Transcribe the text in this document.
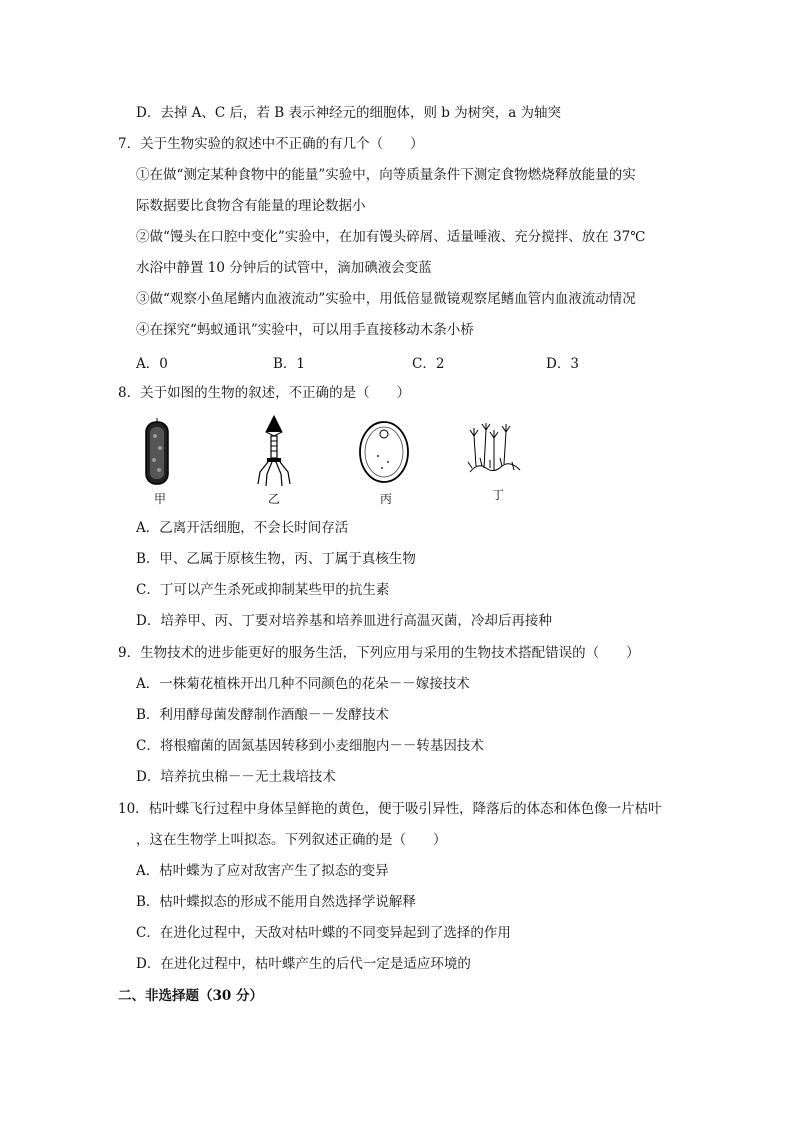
D．去掉 A、C 后，若 B 表示神经元的细胞体，则 b 为树突，a 为轴突
7．关于生物实验的叙述中不正确的有几个（　　）
①在做“测定某种食物中的能量”实验中，向等质量条件下测定食物燃烧释放能量的实
际数据要比食物含有能量的理论数据小
②做“馒头在口腔中变化”实验中，在加有馒头碎屑、适量唾液、充分搅拌、放在 37℃
水浴中静置 10 分钟后的试管中，滴加碘液会变蓝
③做“观察小鱼尾鳍内血液流动”实验中，用低倍显微镜观察尾鳍血管内血液流动情况
④在探究“蚂蚁通讯”实验中，可以用手直接移动木条小桥
A．0	B．1	C．2	D．3
8．关于如图的生物的叙述，不正确的是（　　）
甲	乙	丙	丁
A．乙离开活细胞，不会长时间存活
B．甲、乙属于原核生物，丙、丁属于真核生物
C．丁可以产生杀死或抑制某些甲的抗生素
D．培养甲、丙、丁要对培养基和培养皿进行高温灭菌，冷却后再接种
9．生物技术的进步能更好的服务生活，下列应用与采用的生物技术搭配错误的（　　）
A．一株菊花植株开出几种不同颜色的花朵－－嫁接技术
B．利用酵母菌发酵制作酒酿－－发酵技术
C．将根瘤菌的固氮基因转移到小麦细胞内－－转基因技术
D．培养抗虫棉－－无土栽培技术
10．枯叶蝶飞行过程中身体呈鲜艳的黄色，便于吸引异性，降落后的体态和体色像一片枯叶
，这在生物学上叫拟态。下列叙述正确的是（　　）
A．枯叶蝶为了应对敌害产生了拟态的变异
B．枯叶蝶拟态的形成不能用自然选择学说解释
C．在进化过程中，天敌对枯叶蝶的不同变异起到了选择的作用
D．在进化过程中，枯叶蝶产生的后代一定是适应环境的
二、非选择题（30 分）
